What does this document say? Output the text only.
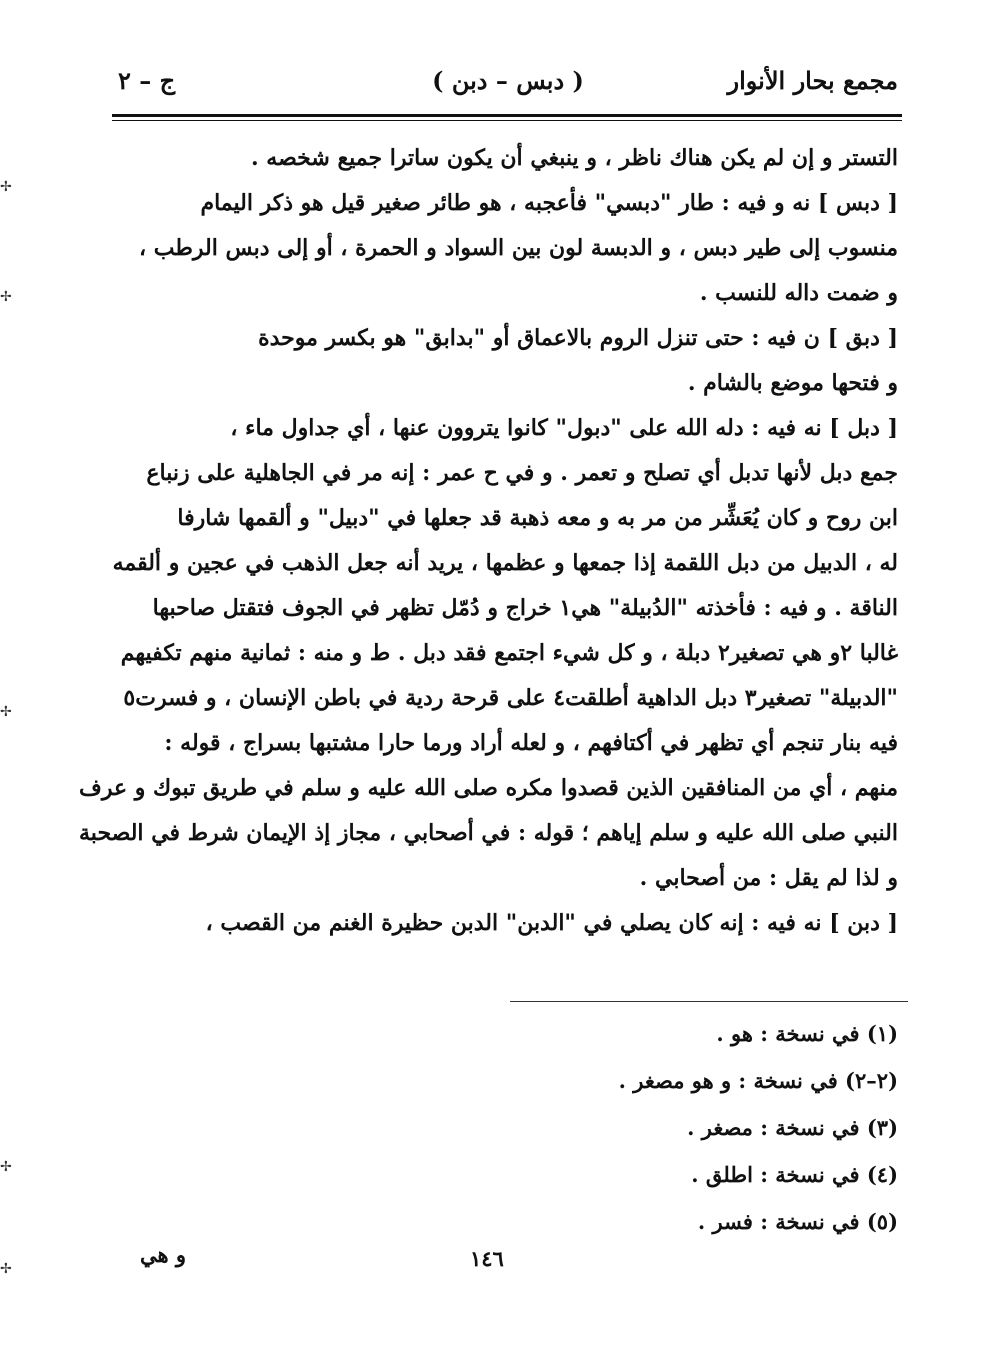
مجمع بحار الأنوار
( دبس – دبن )
ج – ٢
التستر و إن لم يكن هناك ناظر ، و ينبغي أن يكون ساترا جميع شخصه .
[ دبس ] نه و فيه : طار "دبسي" فأعجبه ، هو طائر صغير قيل هو ذكر اليمام
منسوب إلى طير دبس ، و الدبسة لون بين السواد و الحمرة ، أو إلى دبس الرطب ،
و ضمت داله للنسب .
[ دبق ] ن فيه : حتى تنزل الروم بالاعماق أو "بدابق" هو بكسر موحدة
و فتحها موضع بالشام .
[ دبل ] نه فيه : دله الله على "دبول" كانوا يتروون عنها ، أي جداول ماء ،
جمع دبل لأنها تدبل أي تصلح و تعمر . و في ح عمر : إنه مر في الجاهلية على زنباع
ابن روح و كان يُعَشِّر من مر به و معه ذهبة قد جعلها في "دبيل" و ألقمها شارفا
له ، الدبيل من دبل اللقمة إذا جمعها و عظمها ، يريد أنه جعل الذهب في عجين و ألقمه
الناقة . و فيه : فأخذته "الدُبيلة" هي١ خراج و دُمّل تظهر في الجوف فتقتل صاحبها
غالبا ٢و هي تصغير٢ دبلة ، و كل شيء اجتمع فقد دبل . ط و منه : ثمانية منهم تكفيهم
"الدبيلة" تصغير٣ دبل الداهية أطلقت٤ على قرحة ردية في باطن الإنسان ، و فسرت٥
فيه بنار تنجم أي تظهر في أكتافهم ، و لعله أراد ورما حارا مشتبها بسراج ، قوله :
منهم ، أي من المنافقين الذين قصدوا مكره صلى الله عليه و سلم في طريق تبوك و عرف
النبي صلى الله عليه و سلم إياهم ؛ قوله : في أصحابي ، مجاز إذ الإيمان شرط في الصحبة
و لذا لم يقل : من أصحابي .
[ دبن ] نه فيه : إنه كان يصلي في "الدبن" الدبن حظيرة الغنم من القصب ،
(١) في نسخة : هو .
(٢–٢) في نسخة : و هو مصغر .
(٣) في نسخة : مصغر .
(٤) في نسخة : اطلق .
(٥) في نسخة : فسر .
و هي	١٤٦
✢
✢
✢
✢
✢
